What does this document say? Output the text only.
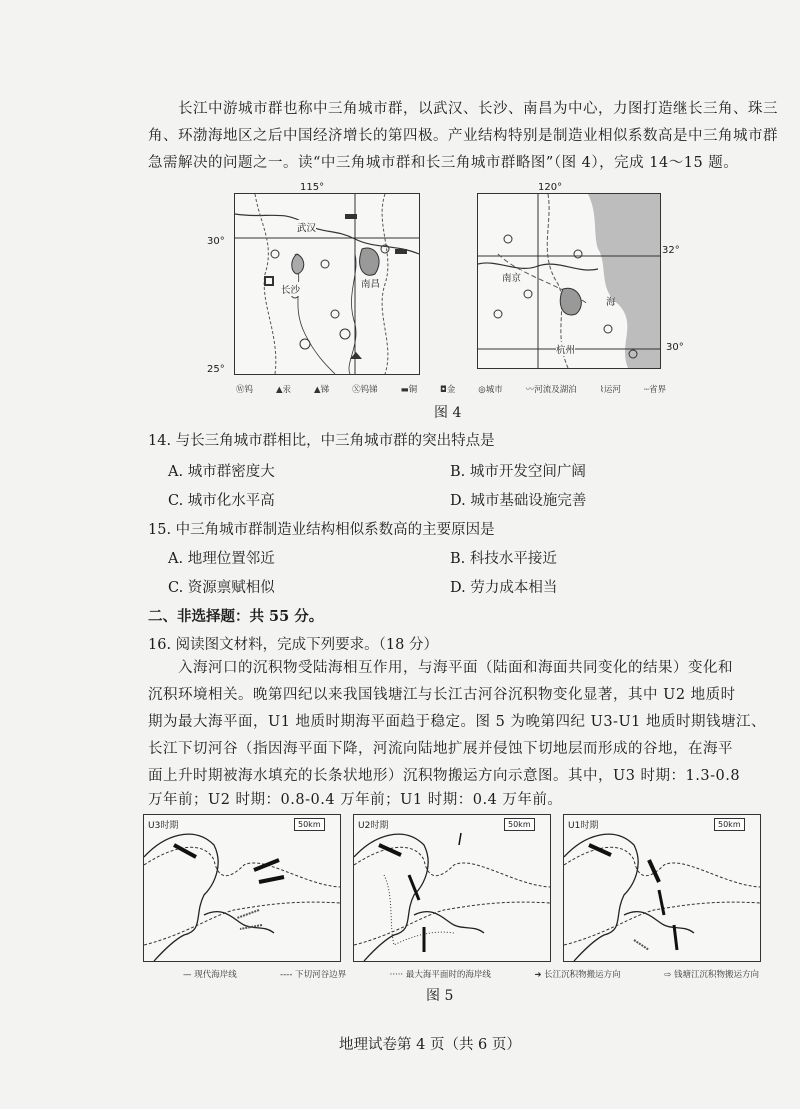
长江中游城市群也称中三角城市群，以武汉、长沙、南昌为中心，力图打造继长三角、珠三
角、环渤海地区之后中国经济增长的第四极。产业结构特别是制造业相似系数高是中三角城市群
急需解决的问题之一。读“中三角城市群和长三角城市群略图”（图 4），完成 14～15 题。
115°
30°
25°
武汉
长沙
南昌
120°
32°
30°
南京
杭州
海
Ⓦ钨	▲汞	▲锑	Ⓧ钨锑	▬铜	◘金	◎城市	〰河流及湖泊	⌇运河	┄省界
图 4
14. 与长三角城市群相比，中三角城市群的突出特点是
A. 城市群密度大	B. 城市开发空间广阔
C. 城市化水平高	D. 城市基础设施完善
15. 中三角城市群制造业结构相似系数高的主要原因是
A. 地理位置邻近	B. 科技水平接近
C. 资源禀赋相似	D. 劳力成本相当
二、非选择题：共 55 分。
16. 阅读图文材料，完成下列要求。（18 分）
入海河口的沉积物受陆海相互作用，与海平面（陆面和海面共同变化的结果）变化和
沉积环境相关。晚第四纪以来我国钱塘江与长江古河谷沉积物变化显著，其中 U2 地质时
期为最大海平面，U1 地质时期海平面趋于稳定。图 5 为晚第四纪 U3-U1 地质时期钱塘江、
长江下切河谷（指因海平面下降，河流向陆地扩展并侵蚀下切地层而形成的谷地，在海平
面上升时期被海水填充的长条状地形）沉积物搬运方向示意图。其中，U3 时期：1.3-0.8
万年前；U2 时期：0.8-0.4 万年前；U1 时期：0.4 万年前。
U3时期	50km	U2时期	50km	U1时期	50km
— 现代海岸线	---- 下切河谷边界	····· 最大海平面时的海岸线	➜ 长江沉积物搬运方向	⇨ 钱塘江沉积物搬运方向
图 5
地理试卷第 4 页（共 6 页）
